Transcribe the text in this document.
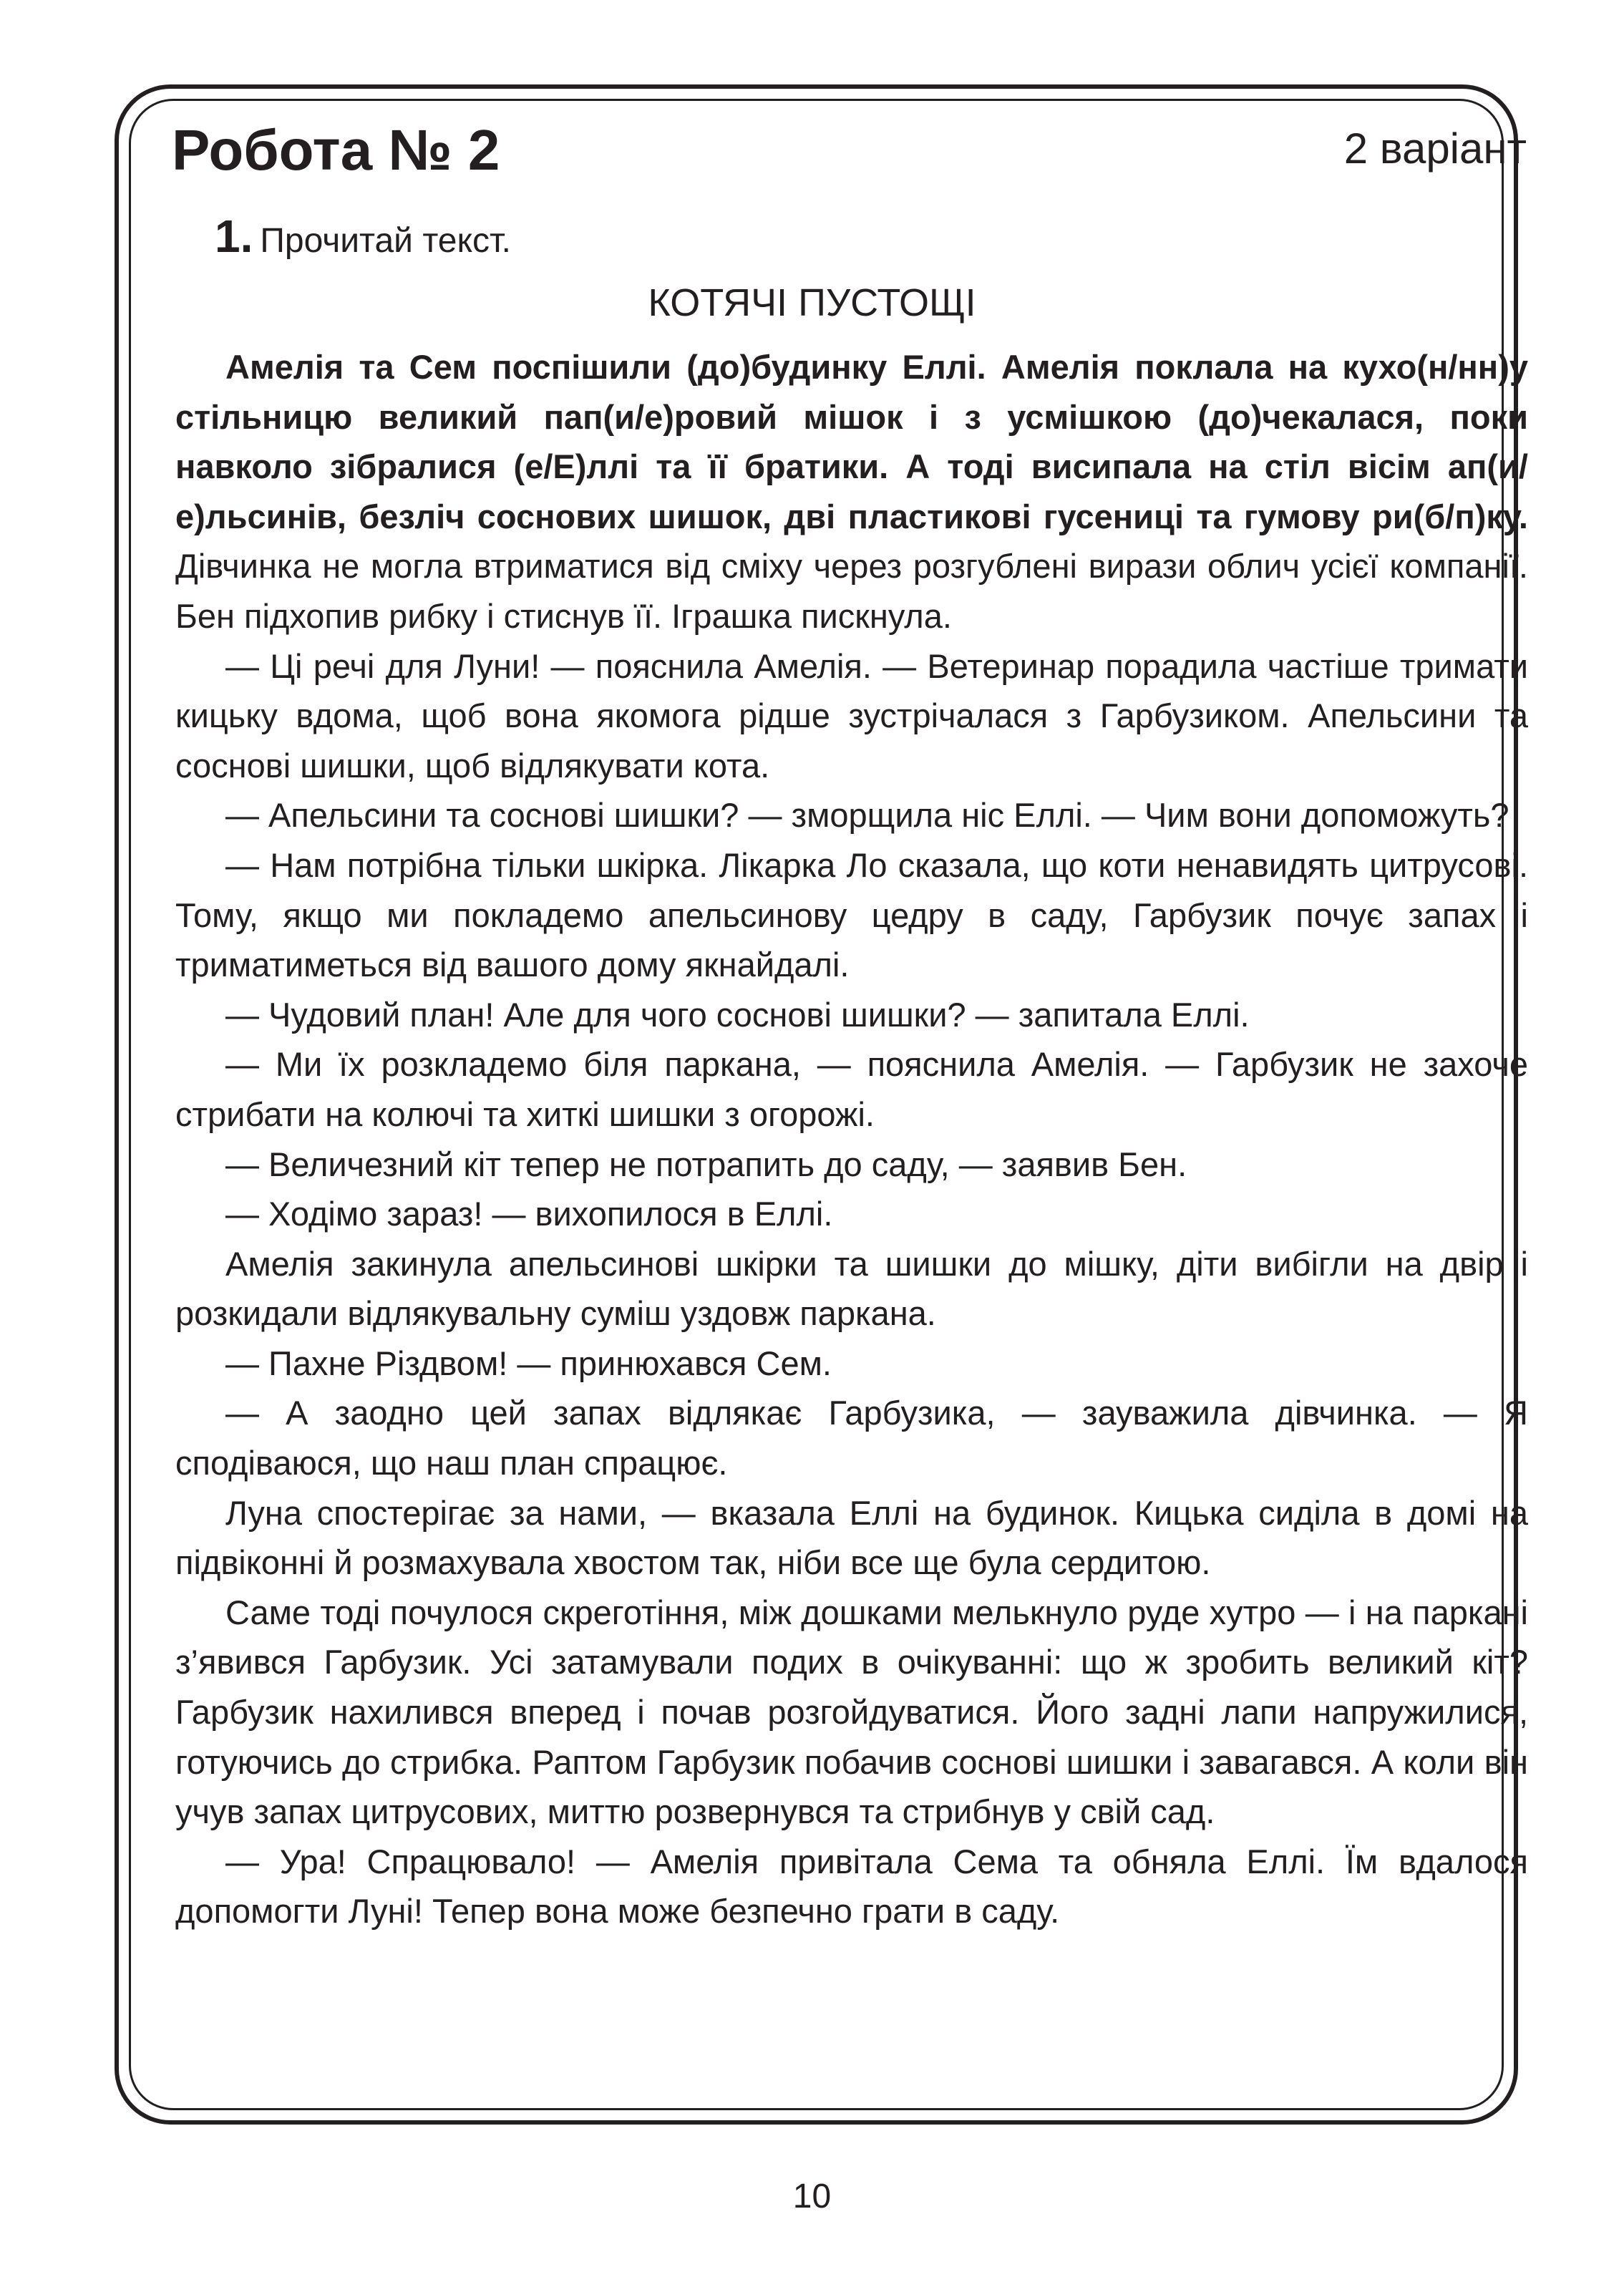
Робота № 2	2 варіант
1. Прочитай текст.
КОТЯЧІ ПУСТОЩІ

Амелія та Сем поспішили (до)будинку Еллі. Амелія поклала на кухо(н/нн)у стільницю великий пап(и/е)ровий мішок і з усмішкою (до)чекалася, поки навколо зібралися (е/Е)ллі та її братики. А тоді висипала на стіл вісім ап(и/е)льсинів, безліч соснових шишок, дві пластикові гусениці та гумову ри(б/п)ку. Дівчинка не могла втриматися від сміху через розгублені вирази облич усієї компанії. Бен підхопив рибку і стиснув її. Іграшка пискнула.

— Ці речі для Луни! — пояснила Амелія. — Ветеринар порадила частіше тримати кицьку вдома, щоб вона якомога рідше зустрічалася з Гарбузиком. Апельсини та соснові шишки, щоб відлякувати кота.

— Апельсини та соснові шишки? — зморщила ніс Еллі. — Чим вони допоможуть?

— Нам потрібна тільки шкірка. Лікарка Ло сказала, що коти ненавидять цитрусові. Тому, якщо ми покладемо апельсинову цедру в саду, Гарбузик почує запах і триматиметься від вашого дому якнайдалі.

— Чудовий план! Але для чого соснові шишки? — запитала Еллі.

— Ми їх розкладемо біля паркана, — пояснила Амелія. — Гарбузик не захоче стрибати на колючі та хиткі шишки з огорожі.

— Величезний кіт тепер не потрапить до саду, — заявив Бен.

— Ходімо зараз! — вихопилося в Еллі.

Амелія закинула апельсинові шкірки та шишки до мішку, діти вибігли на двір і розкидали відлякувальну суміш уздовж паркана.

— Пахне Різдвом! — принюхався Сем.

— А заодно цей запах відлякає Гарбузика, — зауважила дівчинка. — Я сподіваюся, що наш план спрацює.

Луна спостерігає за нами, — вказала Еллі на будинок. Кицька сиділа в домі на підвіконні й розмахувала хвостом так, ніби все ще була сердитою.

Саме тоді почулося скреготіння, між дошками мелькнуло руде хутро — і на паркані з’явився Гарбузик. Усі затамували подих в очікуванні: що ж зробить великий кіт? Гарбузик нахилився вперед і почав розгойдуватися. Його задні лапи напружилися, готуючись до стрибка. Раптом Гарбузик побачив соснові шишки і завагався. А коли він учув запах цитрусових, миттю розвернувся та стрибнув у свій сад.

— Ура! Спрацювало! — Амелія привітала Сема та обняла Еллі. Їм вдалося допомогти Луні! Тепер вона може безпечно грати в саду.

10
